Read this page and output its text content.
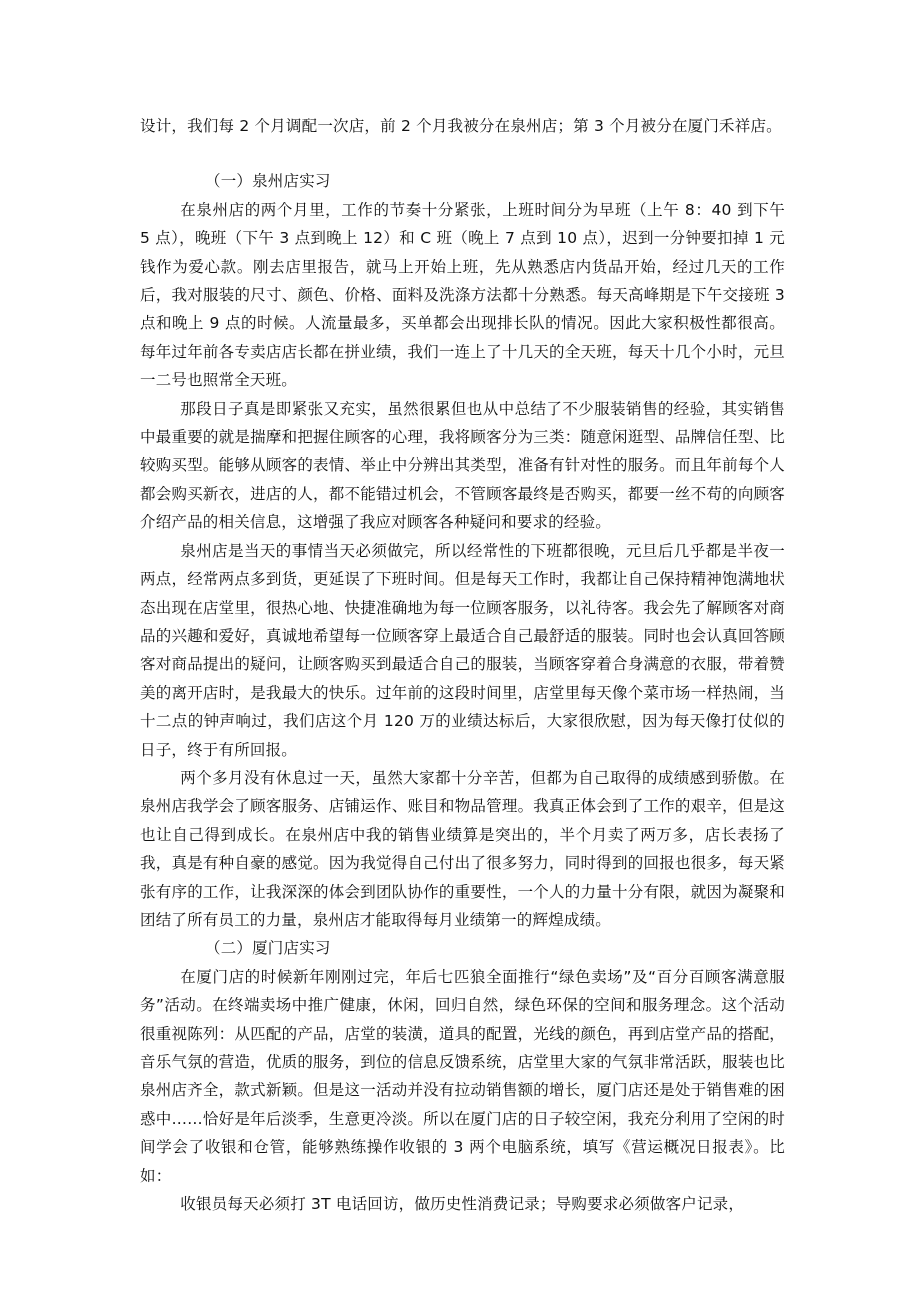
设计，我们每 2 个月调配一次店，前 2 个月我被分在泉州店；第 3 个月被分在厦门禾祥店。

（一）泉州店实习

在泉州店的两个月里，工作的节奏十分紧张，上班时间分为早班（上午 8：40 到下午 5 点），晚班（下午 3 点到晚上 12）和 C 班（晚上 7 点到 10 点），迟到一分钟要扣掉 1 元钱作为爱心款。刚去店里报告，就马上开始上班，先从熟悉店内货品开始，经过几天的工作后，我对服装的尺寸、颜色、价格、面料及洗涤方法都十分熟悉。每天高峰期是下午交接班 3 点和晚上 9 点的时候。人流量最多，买单都会出现排长队的情况。因此大家积极性都很高。每年过年前各专卖店店长都在拼业绩，我们一连上了十几天的全天班，每天十几个小时，元旦一二号也照常全天班。

那段日子真是即紧张又充实，虽然很累但也从中总结了不少服装销售的经验，其实销售中最重要的就是揣摩和把握住顾客的心理，我将顾客分为三类：随意闲逛型、品牌信任型、比较购买型。能够从顾客的表情、举止中分辨出其类型，准备有针对性的服务。而且年前每个人都会购买新衣，进店的人，都不能错过机会，不管顾客最终是否购买，都要一丝不苟的向顾客介绍产品的相关信息，这增强了我应对顾客各种疑问和要求的经验。

泉州店是当天的事情当天必须做完，所以经常性的下班都很晚，元旦后几乎都是半夜一两点，经常两点多到货，更延误了下班时间。但是每天工作时，我都让自己保持精神饱满地状态出现在店堂里，很热心地、快捷准确地为每一位顾客服务，以礼待客。我会先了解顾客对商品的兴趣和爱好，真诚地希望每一位顾客穿上最适合自己最舒适的服装。同时也会认真回答顾客对商品提出的疑问，让顾客购买到最适合自己的服装，当顾客穿着合身满意的衣服，带着赞美的离开店时，是我最大的快乐。过年前的这段时间里，店堂里每天像个菜市场一样热闹，当十二点的钟声响过，我们店这个月 120 万的业绩达标后，大家很欣慰，因为每天像打仗似的日子，终于有所回报。

两个多月没有休息过一天，虽然大家都十分辛苦，但都为自己取得的成绩感到骄傲。在泉州店我学会了顾客服务、店铺运作、账目和物品管理。我真正体会到了工作的艰辛，但是这也让自己得到成长。在泉州店中我的销售业绩算是突出的，半个月卖了两万多，店长表扬了我，真是有种自豪的感觉。因为我觉得自己付出了很多努力，同时得到的回报也很多，每天紧张有序的工作，让我深深的体会到团队协作的重要性，一个人的力量十分有限，就因为凝聚和团结了所有员工的力量，泉州店才能取得每月业绩第一的辉煌成绩。

（二）厦门店实习

在厦门店的时候新年刚刚过完，年后七匹狼全面推行“绿色卖场”及“百分百顾客满意服务”活动。在终端卖场中推广健康，休闲，回归自然，绿色环保的空间和服务理念。这个活动很重视陈列：从匹配的产品，店堂的装潢，道具的配置，光线的颜色，再到店堂产品的搭配，音乐气氛的营造，优质的服务，到位的信息反馈系统，店堂里大家的气氛非常活跃，服装也比泉州店齐全，款式新颖。但是这一活动并没有拉动销售额的增长，厦门店还是处于销售难的困惑中……恰好是年后淡季，生意更冷淡。所以在厦门店的日子较空闲，我充分利用了空闲的时间学会了收银和仓管，能够熟练操作收银的 3 两个电脑系统，填写《营运概况日报表》。比如：

收银员每天必须打 3T 电话回访，做历史性消费记录；导购要求必须做客户记录，
